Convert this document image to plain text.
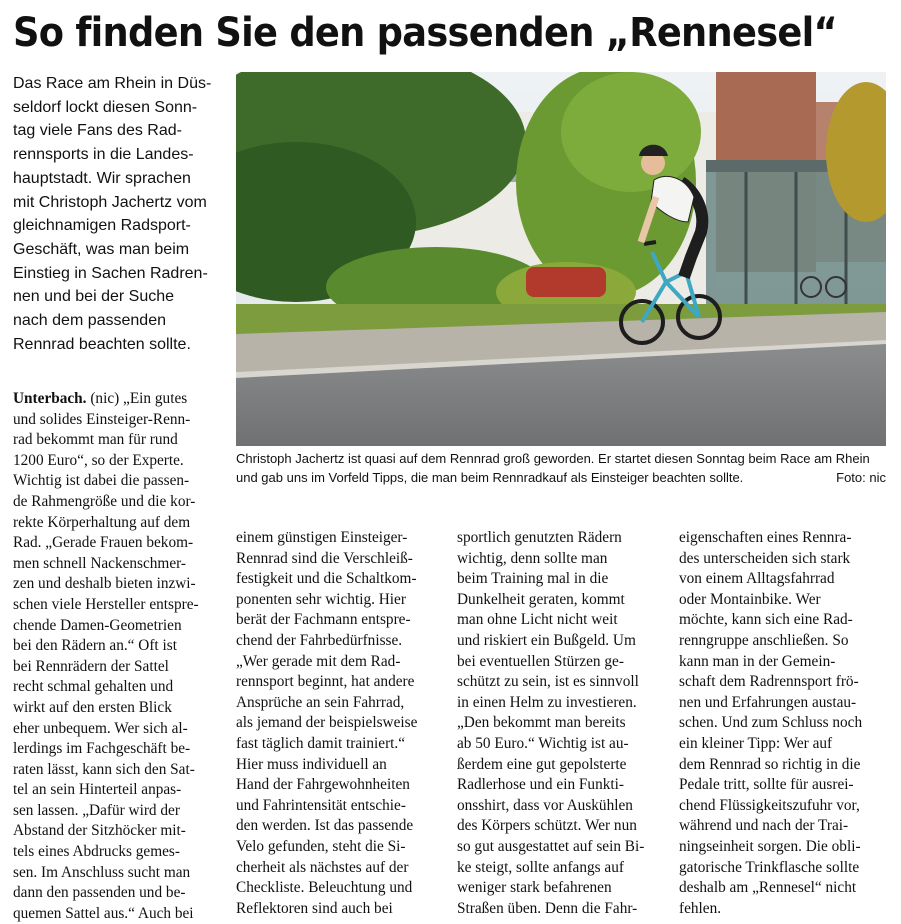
So finden Sie den passenden „Rennesel“
Das Race am Rhein in Düs-
seldorf lockt diesen Sonn-
tag viele Fans des Rad-
rennsports in die Landes-
hauptstadt. Wir sprachen
mit Christoph Jachertz vom
gleichnamigen Radsport-
Geschäft, was man beim
Einstieg in Sachen Radren-
nen und bei der Suche
nach dem passenden
Rennrad beachten sollte.
Christoph Jachertz ist quasi auf dem Rennrad groß geworden. Er startet diesen Sonntag beim Race am Rhein
und gab uns im Vorfeld Tipps, die man beim Rennradkauf als Einsteiger beachten sollte.	Foto: nic
Unterbach. (nic) „Ein gutes
und solides Einsteiger-Renn-
rad bekommt man für rund
1200 Euro“, so der Experte.
Wichtig ist dabei die passen-
de Rahmengröße und die kor-
rekte Körperhaltung auf dem
Rad. „Gerade Frauen bekom-
men schnell Nackenschmer-
zen und deshalb bieten inzwi-
schen viele Hersteller entspre-
chende Damen-Geometrien
bei den Rädern an.“ Oft ist
bei Rennrädern der Sattel
recht schmal gehalten und
wirkt auf den ersten Blick
eher unbequem. Wer sich al-
lerdings im Fachgeschäft be-
raten lässt, kann sich den Sat-
tel an sein Hinterteil anpas-
sen lassen. „Dafür wird der
Abstand der Sitzhöcker mit-
tels eines Abdrucks gemes-
sen. Im Anschluss sucht man
dann den passenden und be-
quemen Sattel aus.“ Auch bei
einem günstigen Einsteiger-
Rennrad sind die Verschleiß-
festigkeit und die Schaltkom-
ponenten sehr wichtig. Hier
berät der Fachmann entspre-
chend der Fahrbedürfnisse.
„Wer gerade mit dem Rad-
rennsport beginnt, hat andere
Ansprüche an sein Fahrrad,
als jemand der beispielsweise
fast täglich damit trainiert.“
Hier muss individuell an
Hand der Fahrgewohnheiten
und Fahrintensität entschie-
den werden. Ist das passende
Velo gefunden, steht die Si-
cherheit als nächstes auf der
Checkliste. Beleuchtung und
Reflektoren sind auch bei
sportlich genutzten Rädern
wichtig, denn sollte man
beim Training mal in die
Dunkelheit geraten, kommt
man ohne Licht nicht weit
und riskiert ein Bußgeld. Um
bei eventuellen Stürzen ge-
schützt zu sein, ist es sinnvoll
in einen Helm zu investieren.
„Den bekommt man bereits
ab 50 Euro.“ Wichtig ist au-
ßerdem eine gut gepolsterte
Radlerhose und ein Funkti-
onsshirt, dass vor Auskühlen
des Körpers schützt. Wer nun
so gut ausgestattet auf sein Bi-
ke steigt, sollte anfangs auf
weniger stark befahrenen
Straßen üben. Denn die Fahr-
eigenschaften eines Rennra-
des unterscheiden sich stark
von einem Alltagsfahrrad
oder Montainbike. Wer
möchte, kann sich eine Rad-
renngruppe anschließen. So
kann man in der Gemein-
schaft dem Radrennsport frö-
nen und Erfahrungen austau-
schen. Und zum Schluss noch
ein kleiner Tipp: Wer auf
dem Rennrad so richtig in die
Pedale tritt, sollte für ausrei-
chend Flüssigkeitszufuhr vor,
während und nach der Trai-
ningseinheit sorgen. Die obli-
gatorische Trinkflasche sollte
deshalb am „Rennesel“ nicht
fehlen.
